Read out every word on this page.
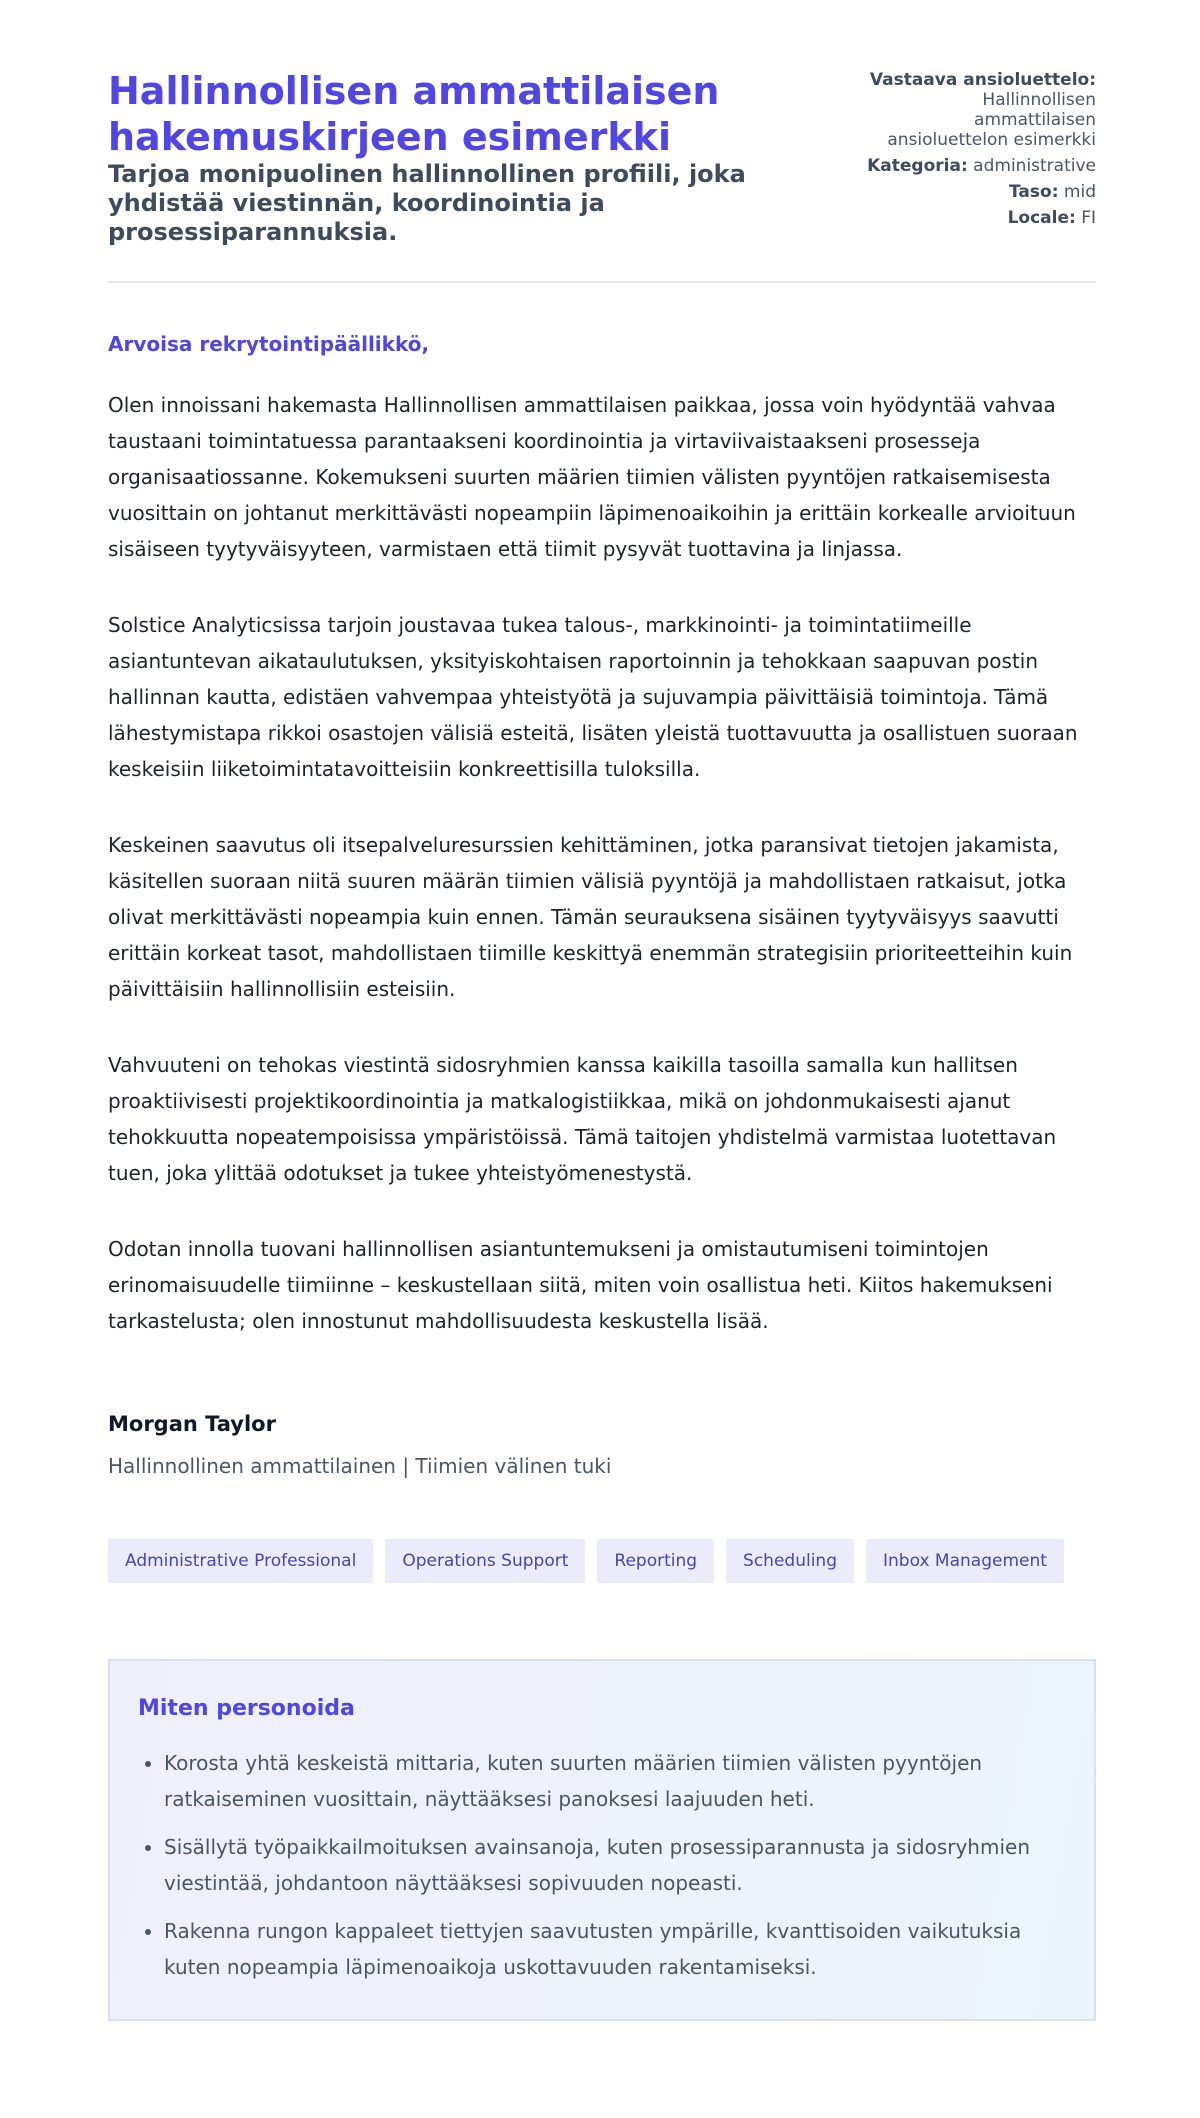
Hallinnollisen ammattilaisen hakemuskirjeen esimerkki
Tarjoa monipuolinen hallinnollinen profiili, joka yhdistää viestinnän, koordinointia ja prosessiparannuksia.
Vastaava ansioluettelo:
Hallinnollisen ammattilaisen ansioluettelon esimerkki
Kategoria: administrative
Taso: mid
Locale: FI

Arvoisa rekrytointipäällikkö,

Olen innoissani hakemasta Hallinnollisen ammattilaisen paikkaa, jossa voin hyödyntää vahvaa taustaani toimintatuessa parantaakseni koordinointia ja virtaviivaistaakseni prosesseja organisaatiossanne. Kokemukseni suurten määrien tiimien välisten pyyntöjen ratkaisemisesta vuosittain on johtanut merkittävästi nopeampiin läpimenoaikoihin ja erittäin korkealle arvioituun sisäiseen tyytyväisyyteen, varmistaen että tiimit pysyvät tuottavina ja linjassa.

Solstice Analyticsissa tarjoin joustavaa tukea talous-, markkinointi- ja toimintatiimeille asiantuntevan aikataulutuksen, yksityiskohtaisen raportoinnin ja tehokkaan saapuvan postin hallinnan kautta, edistäen vahvempaa yhteistyötä ja sujuvampia päivittäisiä toimintoja. Tämä lähestymistapa rikkoi osastojen välisiä esteitä, lisäten yleistä tuottavuutta ja osallistuen suoraan keskeisiin liiketoimintatavoitteisiin konkreettisilla tuloksilla.

Keskeinen saavutus oli itsepalveluresurssien kehittäminen, jotka paransivat tietojen jakamista, käsitellen suoraan niitä suuren määrän tiimien välisiä pyyntöjä ja mahdollistaen ratkaisut, jotka olivat merkittävästi nopeampia kuin ennen. Tämän seurauksena sisäinen tyytyväisyys saavutti erittäin korkeat tasot, mahdollistaen tiimille keskittyä enemmän strategisiin prioriteetteihin kuin päivittäisiin hallinnollisiin esteisiin.

Vahvuuteni on tehokas viestintä sidosryhmien kanssa kaikilla tasoilla samalla kun hallitsen proaktiivisesti projektikoordinointia ja matkalogistiikkaa, mikä on johdonmukaisesti ajanut tehokkuutta nopeatempoisissa ympäristöissä. Tämä taitojen yhdistelmä varmistaa luotettavan tuen, joka ylittää odotukset ja tukee yhteistyömenestystä.

Odotan innolla tuovani hallinnollisen asiantuntemukseni ja omistautumiseni toimintojen erinomaisuudelle tiimiinne – keskustellaan siitä, miten voin osallistua heti. Kiitos hakemukseni tarkastelusta; olen innostunut mahdollisuudesta keskustella lisää.

Morgan Taylor
Hallinnollinen ammattilainen | Tiimien välinen tuki
Administrative Professional	Operations Support	Reporting	Scheduling	Inbox Management
Miten personoida
• Korosta yhtä keskeistä mittaria, kuten suurten määrien tiimien välisten pyyntöjen ratkaiseminen vuosittain, näyttääksesi panoksesi laajuuden heti.
• Sisällytä työpaikkailmoituksen avainsanoja, kuten prosessiparannusta ja sidosryhmien viestintää, johdantoon näyttääksesi sopivuuden nopeasti.
• Rakenna rungon kappaleet tiettyjen saavutusten ympärille, kvanttisoiden vaikutuksia kuten nopeampia läpimenoaikoja uskottavuuden rakentamiseksi.
